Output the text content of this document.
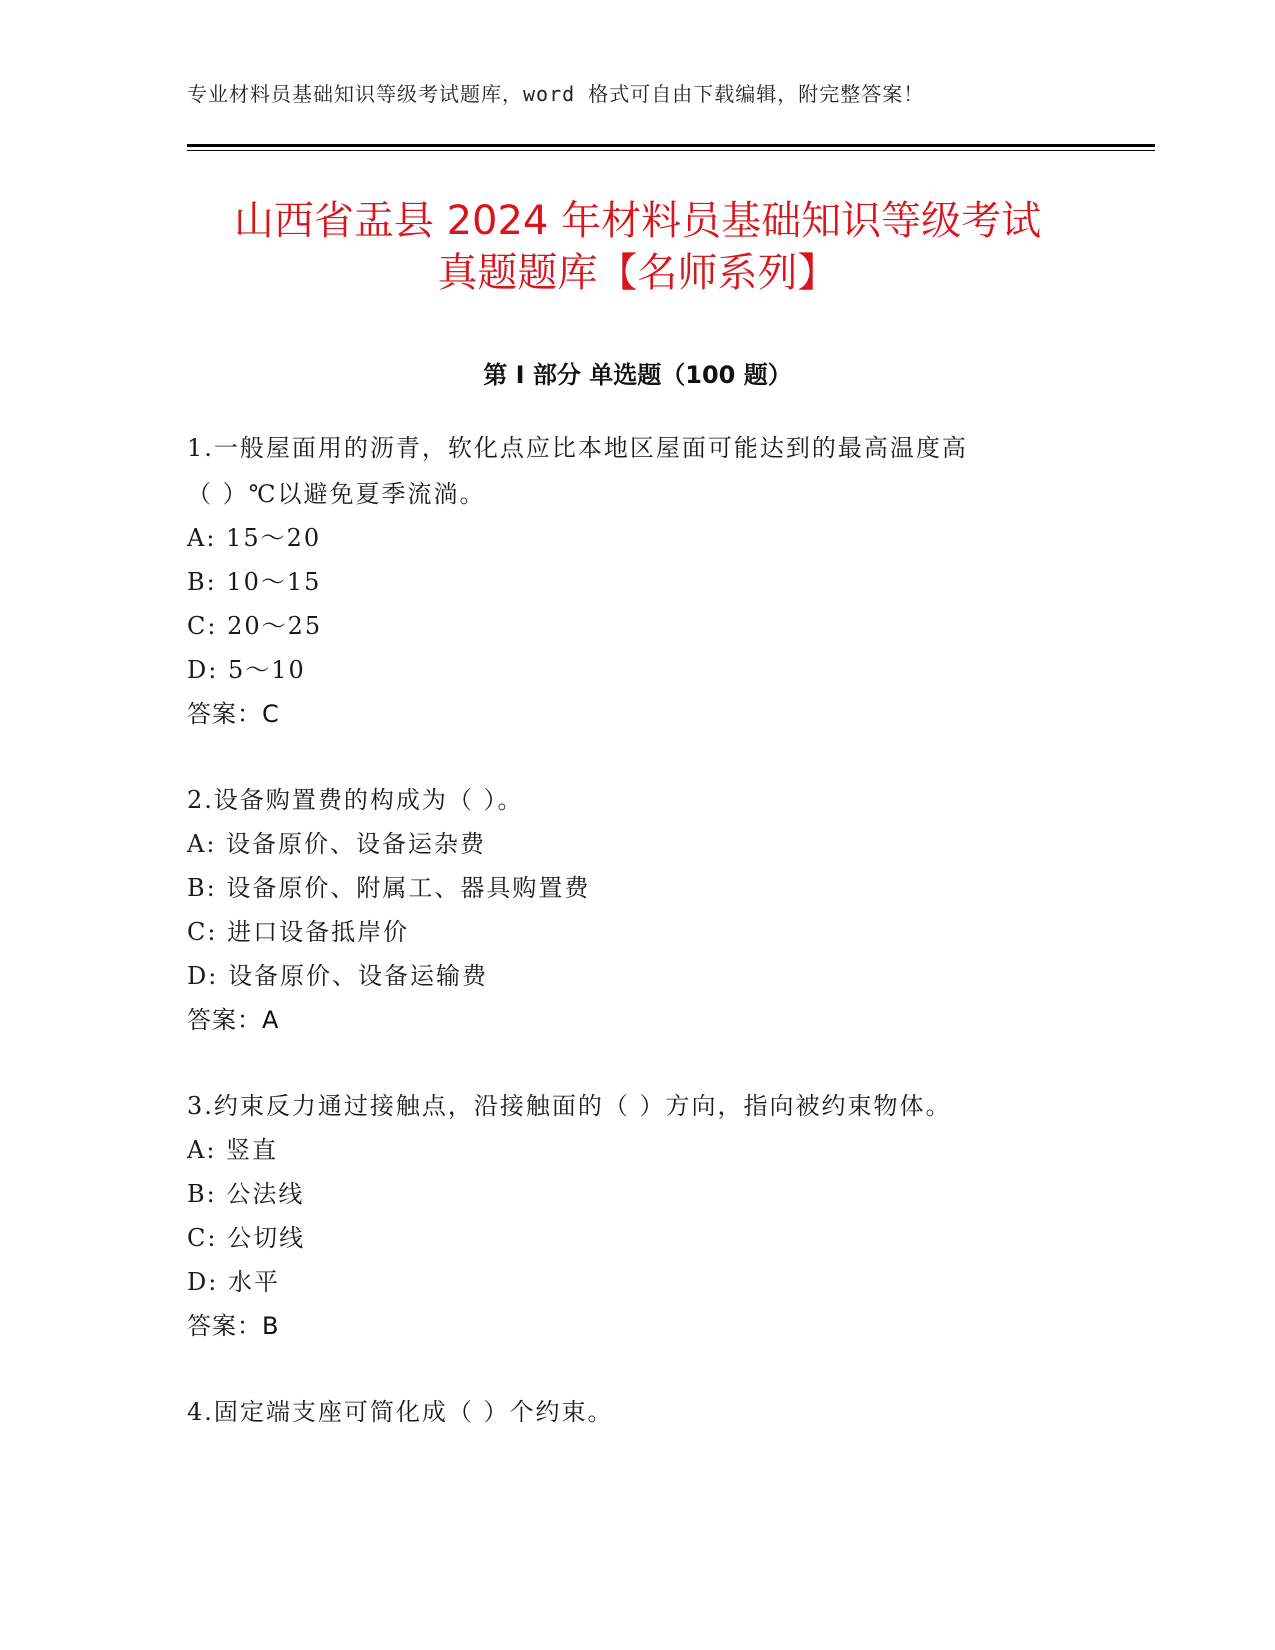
专业材料员基础知识等级考试题库，word 格式可自由下载编辑，附完整答案！
山西省盂县 2024 年材料员基础知识等级考试
真题题库【名师系列】
第 I 部分 单选题（100 题）
1.一般屋面用的沥青，软化点应比本地区屋面可能达到的最高温度高
（ ）℃以避免夏季流淌。
A: 15～20
B: 10～15
C: 20～25
D: 5～10
答案：C
2.设备购置费的构成为（ ）。
A: 设备原价、设备运杂费
B: 设备原价、附属工、器具购置费
C: 进口设备抵岸价
D: 设备原价、设备运输费
答案：A
3.约束反力通过接触点，沿接触面的（ ）方向，指向被约束物体。
A: 竖直
B: 公法线
C: 公切线
D: 水平
答案：B
4.固定端支座可简化成（ ）个约束。
